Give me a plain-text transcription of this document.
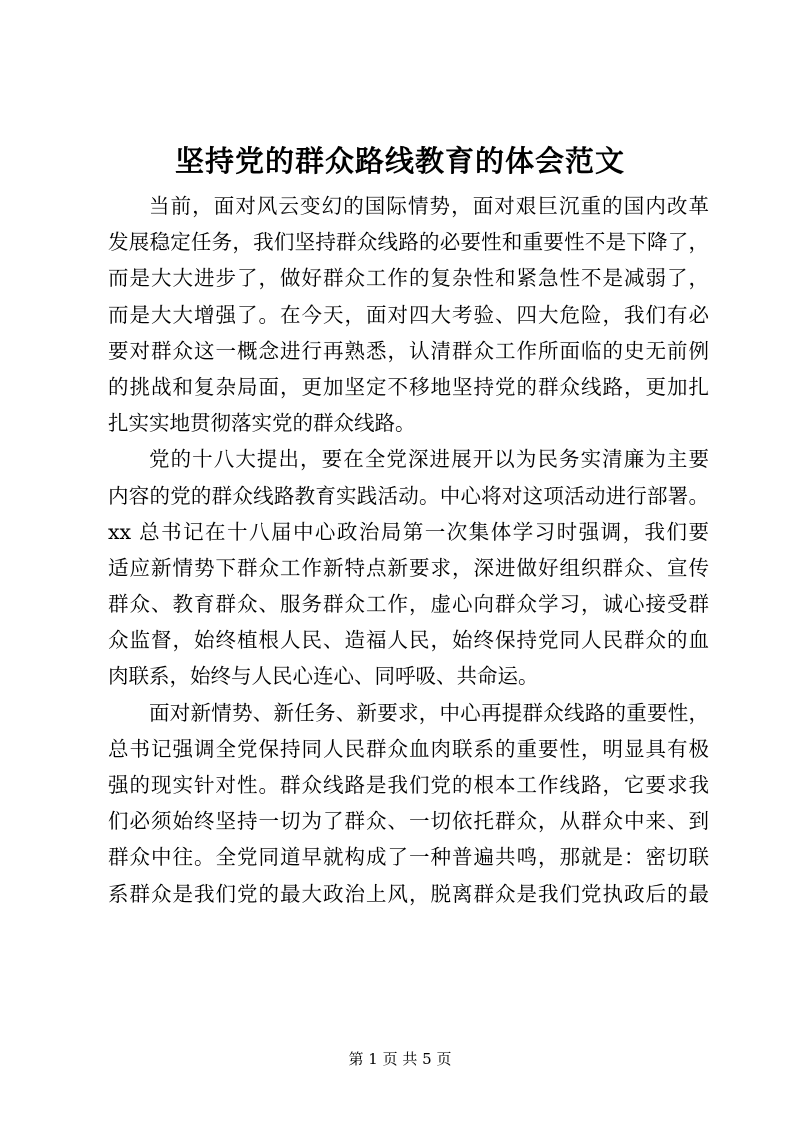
坚持党的群众路线教育的体会范文
当前，面对风云变幻的国际情势，面对艰巨沉重的国内改革
发展稳定任务，我们坚持群众线路的必要性和重要性不是下降了，
而是大大进步了，做好群众工作的复杂性和紧急性不是减弱了，
而是大大增强了。在今天，面对四大考验、四大危险，我们有必
要对群众这一概念进行再熟悉，认清群众工作所面临的史无前例
的挑战和复杂局面，更加坚定不移地坚持党的群众线路，更加扎
扎实实地贯彻落实党的群众线路。
党的十八大提出，要在全党深进展开以为民务实清廉为主要
内容的党的群众线路教育实践活动。中心将对这项活动进行部署。
xx 总书记在十八届中心政治局第一次集体学习时强调，我们要
适应新情势下群众工作新特点新要求，深进做好组织群众、宣传
群众、教育群众、服务群众工作，虚心向群众学习，诚心接受群
众监督，始终植根人民、造福人民，始终保持党同人民群众的血
肉联系，始终与人民心连心、同呼吸、共命运。
面对新情势、新任务、新要求，中心再提群众线路的重要性，
总书记强调全党保持同人民群众血肉联系的重要性，明显具有极
强的现实针对性。群众线路是我们党的根本工作线路，它要求我
们必须始终坚持一切为了群众、一切依托群众，从群众中来、到
群众中往。全党同道早就构成了一种普遍共鸣，那就是：密切联
系群众是我们党的最大政治上风，脱离群众是我们党执政后的最
第 1 页 共 5 页
